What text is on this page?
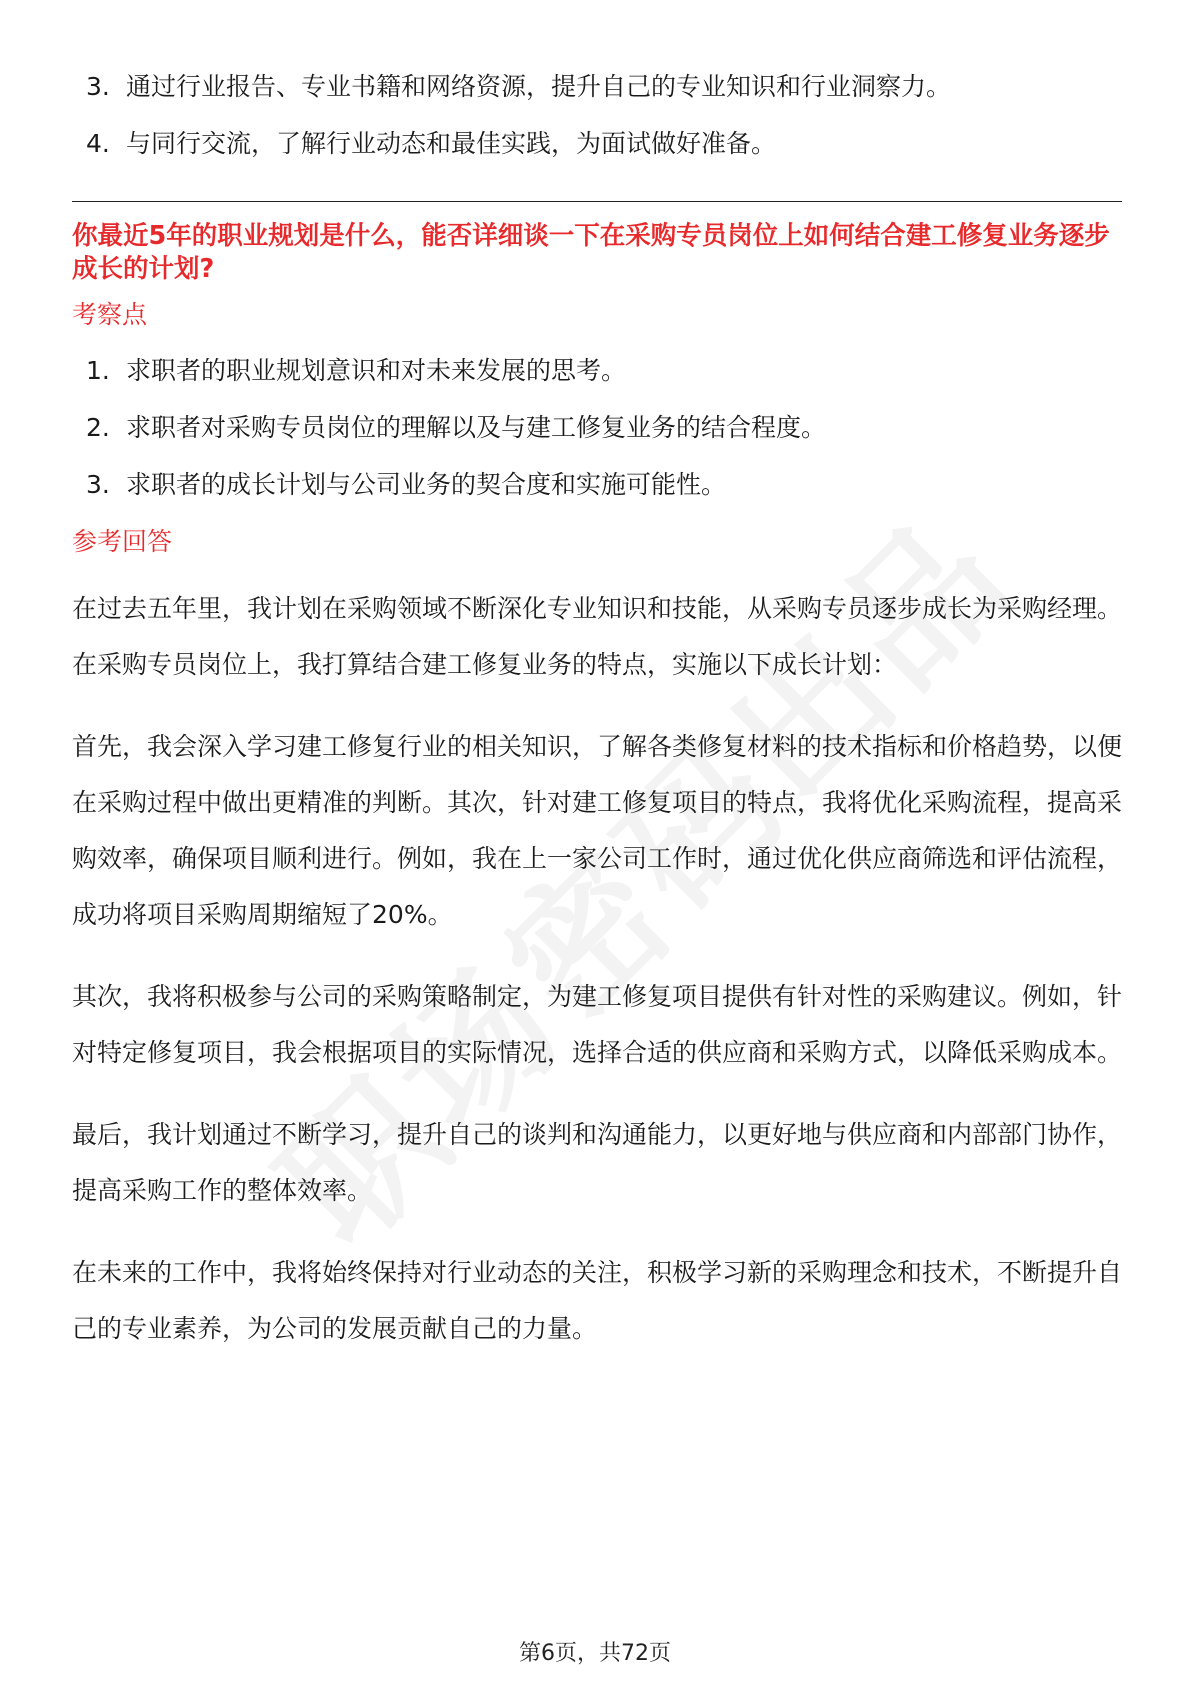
3. 通过行业报告、专业书籍和网络资源，提升自己的专业知识和行业洞察力。
4. 与同行交流，了解行业动态和最佳实践，为面试做好准备。
你最近5年的职业规划是什么，能否详细谈一下在采购专员岗位上如何结合建工修复业务逐步成长的计划?
考察点
1. 求职者的职业规划意识和对未来发展的思考。
2. 求职者对采购专员岗位的理解以及与建工修复业务的结合程度。
3. 求职者的成长计划与公司业务的契合度和实施可能性。
参考回答

在过去五年里，我计划在采购领域不断深化专业知识和技能，从采购专员逐步成长为采购经理。在采购专员岗位上，我打算结合建工修复业务的特点，实施以下成长计划：

首先，我会深入学习建工修复行业的相关知识，了解各类修复材料的技术指标和价格趋势，以便在采购过程中做出更精准的判断。其次，针对建工修复项目的特点，我将优化采购流程，提高采购效率，确保项目顺利进行。例如，我在上一家公司工作时，通过优化供应商筛选和评估流程，成功将项目采购周期缩短了20%。

其次，我将积极参与公司的采购策略制定，为建工修复项目提供有针对性的采购建议。例如，针对特定修复项目，我会根据项目的实际情况，选择合适的供应商和采购方式，以降低采购成本。

最后，我计划通过不断学习，提升自己的谈判和沟通能力，以更好地与供应商和内部部门协作，提高采购工作的整体效率。

在未来的工作中，我将始终保持对行业动态的关注，积极学习新的采购理念和技术，不断提升自己的专业素养，为公司的发展贡献自己的力量。

第6页，共72页
